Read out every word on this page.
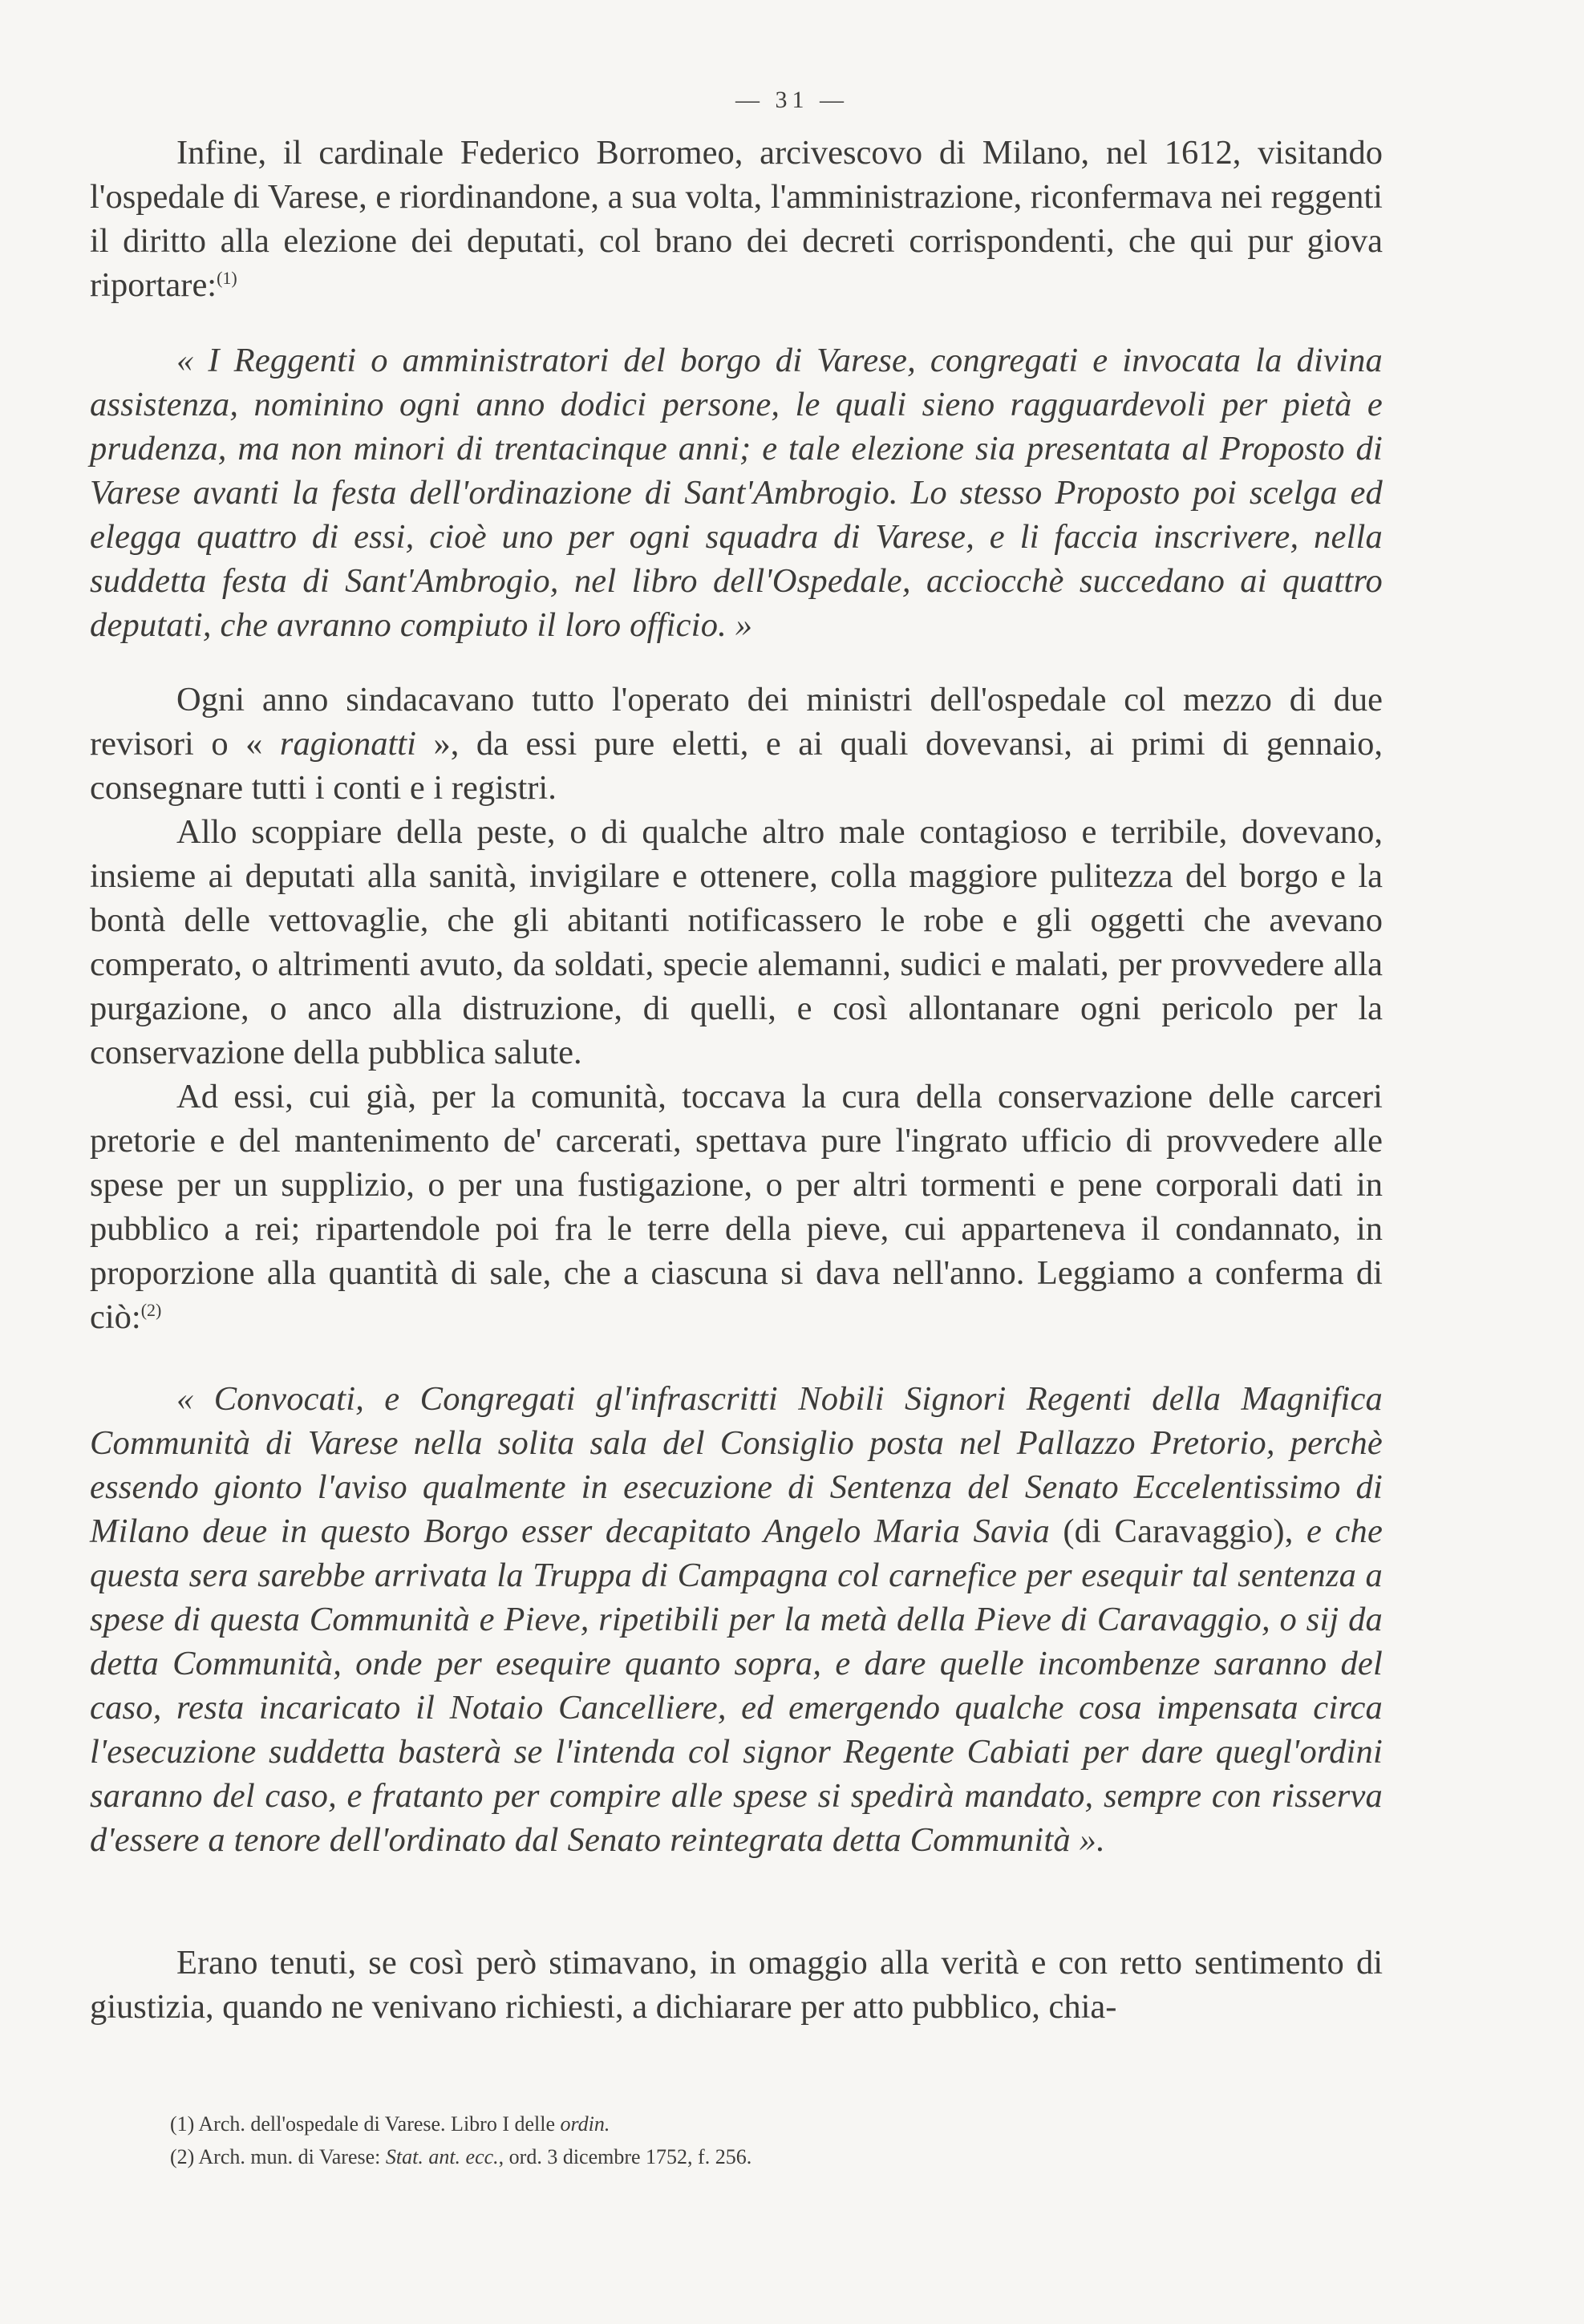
— 31 —

Infine, il cardinale Federico Borromeo, arcivescovo di Milano, nel 1612, visitando l'ospedale di Varese, e riordinandone, a sua volta, l'amministrazione, riconfermava nei reggenti il diritto alla elezione dei deputati, col brano dei decreti corrispondenti, che qui pur giova riportare:$^{(1)}$

« I Reggenti o amministratori del borgo di Varese, congregati e invocata la divina assistenza, nominino ogni anno dodici persone, le quali sieno ragguardevoli per pietà e prudenza, ma non minori di trentacinque anni; e tale elezione sia presentata al Proposto di Varese avanti la festa dell'ordinazione di Sant'Ambrogio. Lo stesso Proposto poi scelga ed elegga quattro di essi, cioè uno per ogni squadra di Varese, e li faccia inscrivere, nella suddetta festa di Sant'Ambrogio, nel libro dell'Ospedale, acciocchè succedano ai quattro deputati, che avranno compiuto il loro officio. »

Ogni anno sindacavano tutto l'operato dei ministri dell'ospedale col mezzo di due revisori o « ragionatti », da essi pure eletti, e ai quali dovevansi, ai primi di gennaio, consegnare tutti i conti e i registri.

Allo scoppiare della peste, o di qualche altro male contagioso e terribile, dovevano, insieme ai deputati alla sanità, invigilare e ottenere, colla maggiore pulitezza del borgo e la bontà delle vettovaglie, che gli abitanti notificassero le robe e gli oggetti che avevano comperato, o altrimenti avuto, da soldati, specie alemanni, sudici e malati, per provvedere alla purgazione, o anco alla distruzione, di quelli, e così allontanare ogni pericolo per la conservazione della pubblica salute.

Ad essi, cui già, per la comunità, toccava la cura della conservazione delle carceri pretorie e del mantenimento de' carcerati, spettava pure l'ingrato ufficio di provvedere alle spese per un supplizio, o per una fustigazione, o per altri tormenti e pene corporali dati in pubblico a rei; ripartendole poi fra le terre della pieve, cui apparteneva il condannato, in proporzione alla quantità di sale, che a ciascuna si dava nell'anno. Leggiamo a conferma di ciò:$^{(2)}$

« Convocati, e Congregati gl'infrascritti Nobili Signori Regenti della Magnifica Communità di Varese nella solita sala del Consiglio posta nel Pallazzo Pretorio, perchè essendo gionto l'aviso qualmente in esecuzione di Sentenza del Senato Eccelentissimo di Milano deue in questo Borgo esser decapitato Angelo Maria Savia (di Caravaggio), e che questa sera sarebbe arrivata la Truppa di Campagna col carnefice per esequir tal sentenza a spese di questa Communità e Pieve, ripetibili per la metà della Pieve di Caravaggio, o sij da detta Communità, onde per esequire quanto sopra, e dare quelle incombenze saranno del caso, resta incaricato il Notaio Cancelliere, ed emergendo qualche cosa impensata circa l'esecuzione suddetta basterà se l'intenda col signor Regente Cabiati per dare quegl'ordini saranno del caso, e fratanto per compire alle spese si spedirà mandato, sempre con risserva d'essere a tenore dell'ordinato dal Senato reintegrata detta Communità ».

Erano tenuti, se così però stimavano, in omaggio alla verità e con retto sentimento di giustizia, quando ne venivano richiesti, a dichiarare per atto pubblico, chia-

(1) Arch. dell'ospedale di Varese. Libro I delle ordin.

(2) Arch. mun. di Varese: Stat. ant. ecc., ord. 3 dicembre 1752, f. 256.
